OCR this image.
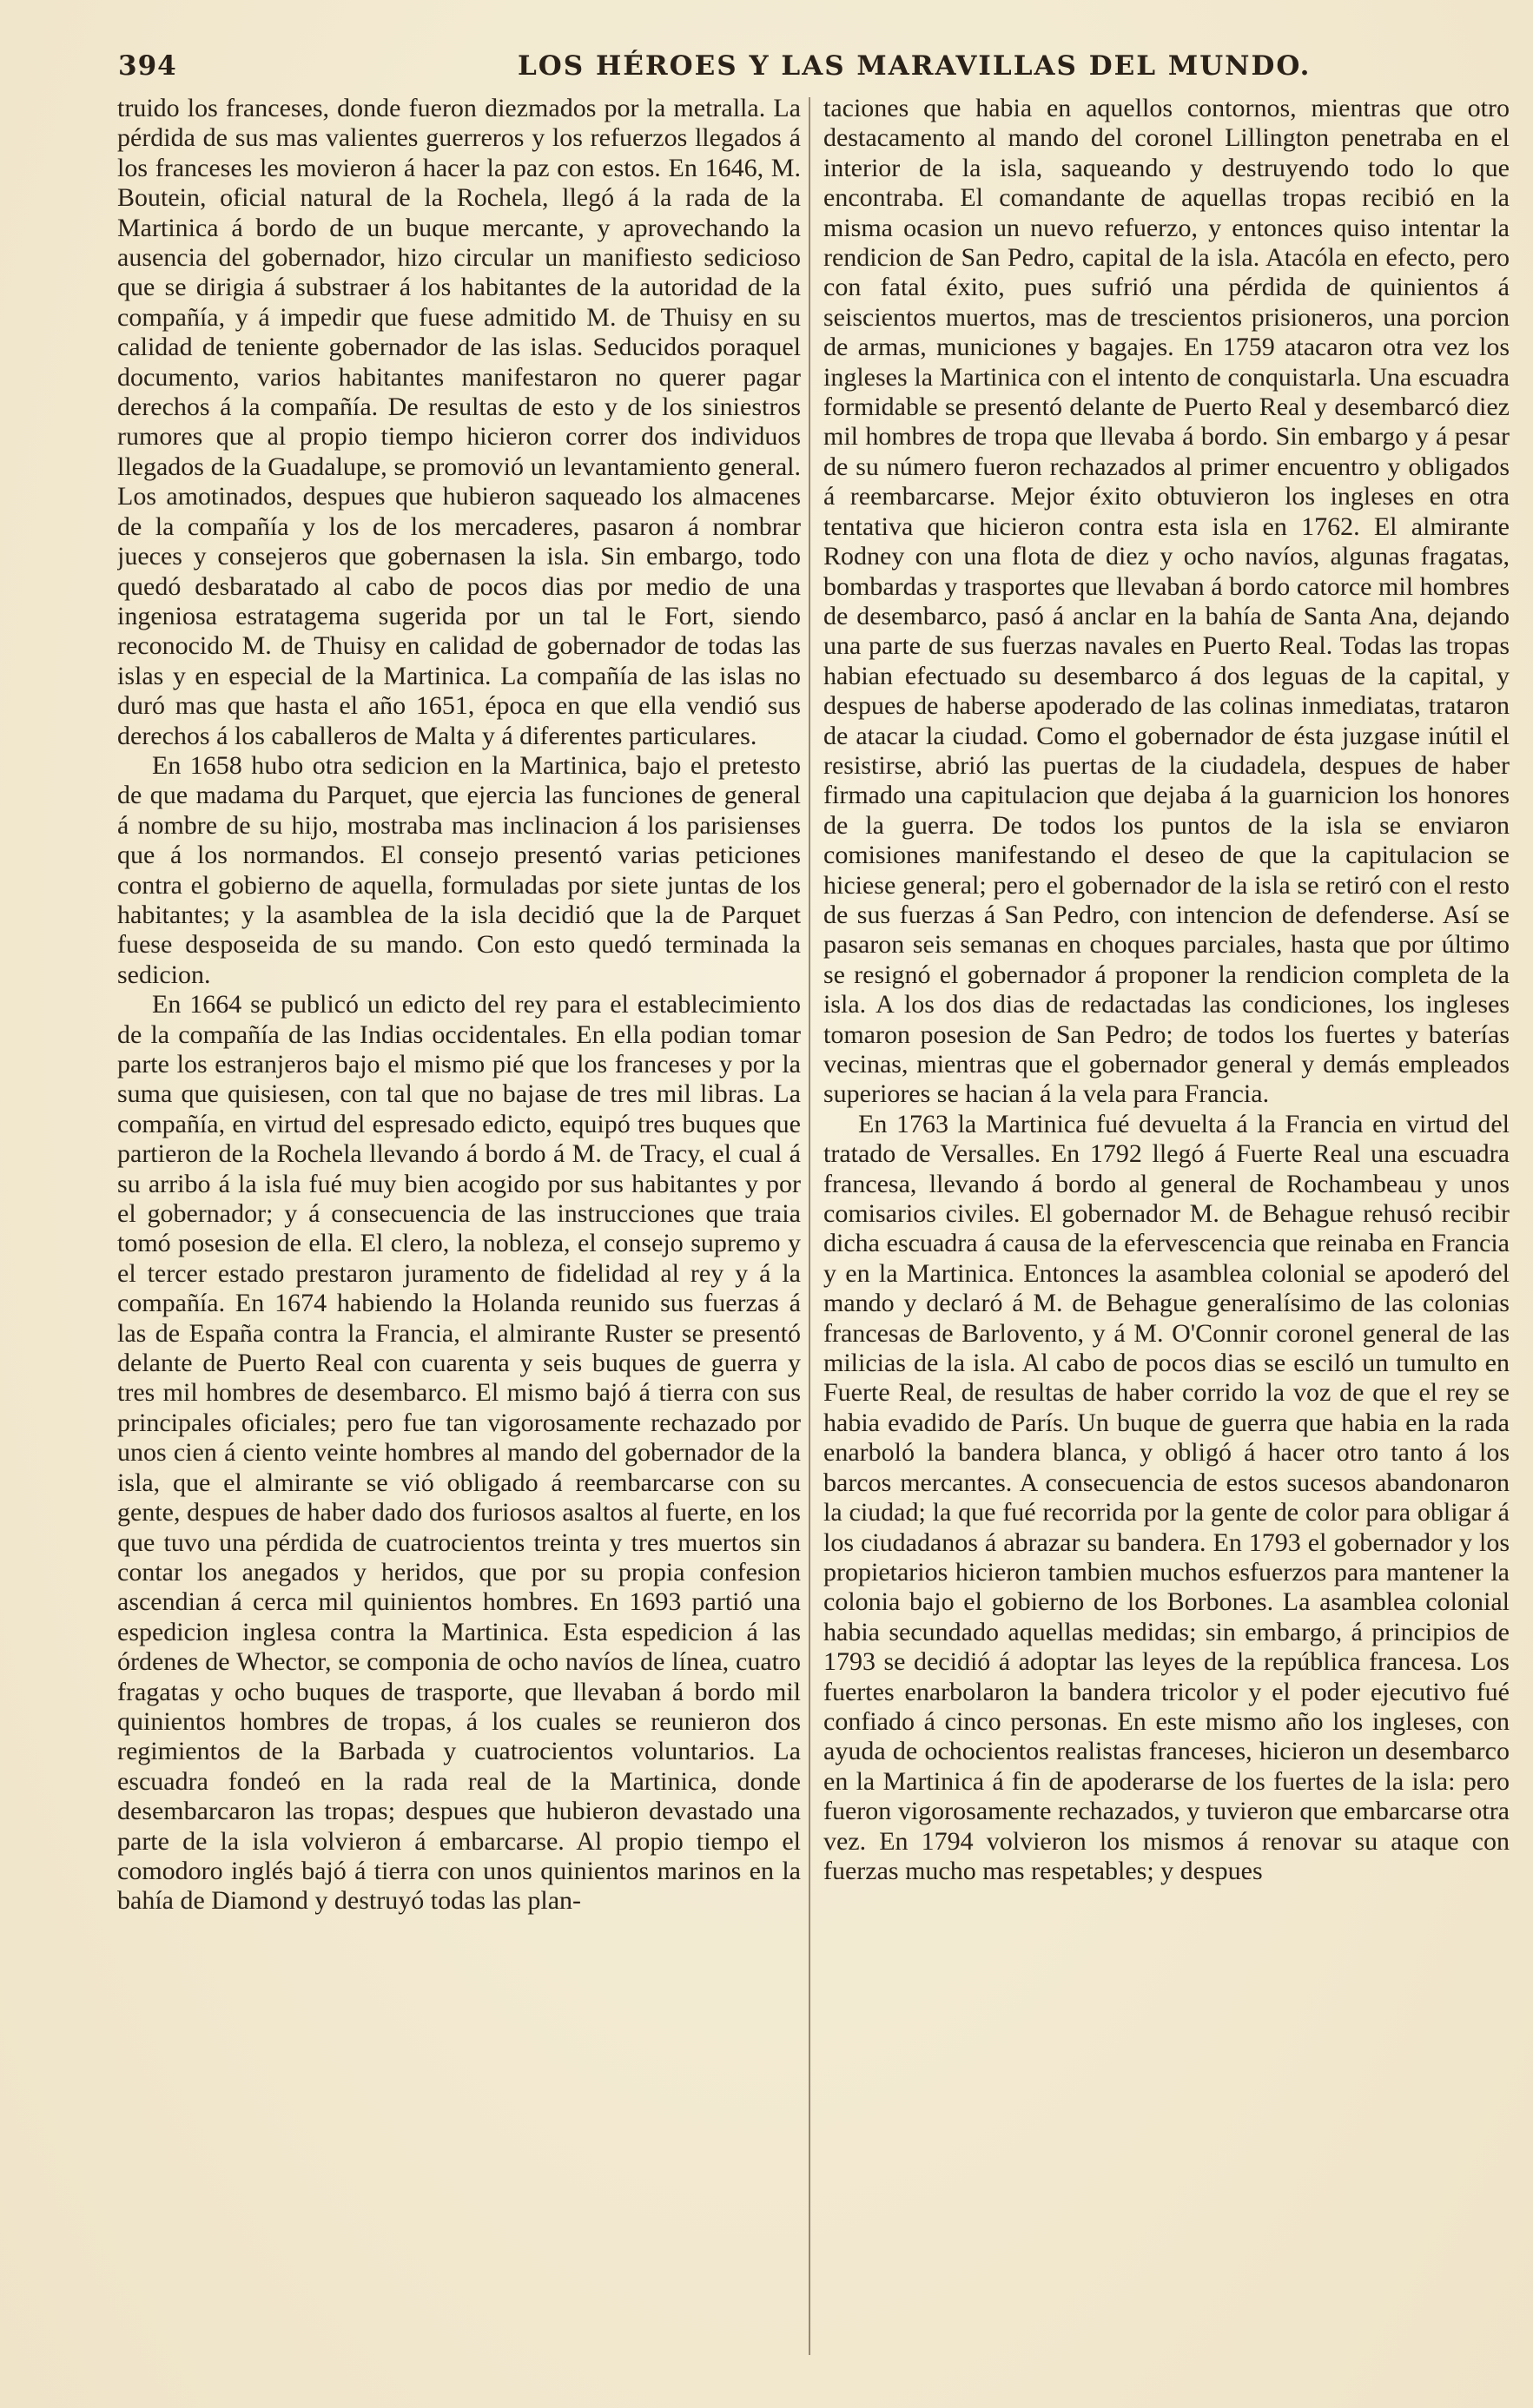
394	LOS HÉROES Y LAS MARAVILLAS DEL MUNDO.

truido los franceses, donde fueron diezmados por la metralla. La pérdida de sus mas valientes guerreros y los refuerzos llegados á los franceses les movieron á hacer la paz con estos. En 1646, M. Boutein, oficial natural de la Rochela, llegó á la rada de la Martinica á bordo de un buque mercante, y aprovechando la ausencia del gobernador, hizo circular un manifiesto sedicioso que se dirigia á substraer á los habitantes de la autoridad de la compañía, y á impedir que fuese admitido M. de Thuisy en su calidad de teniente gobernador de las islas. Seducidos poraquel documento, varios habitantes manifestaron no querer pagar derechos á la compañía. De resultas de esto y de los siniestros rumores que al propio tiempo hicieron correr dos individuos llegados de la Guadalupe, se promovió un levantamiento general. Los amotinados, despues que hubieron saqueado los almacenes de la compañía y los de los mercaderes, pasaron á nombrar jueces y consejeros que gobernasen la isla. Sin embargo, todo quedó desbaratado al cabo de pocos dias por medio de una ingeniosa estratagema sugerida por un tal le Fort, siendo reconocido M. de Thuisy en calidad de gobernador de todas las islas y en especial de la Martinica. La compañía de las islas no duró mas que hasta el año 1651, época en que ella vendió sus derechos á los caballeros de Malta y á diferentes particulares.

En 1658 hubo otra sedicion en la Martinica, bajo el pretesto de que madama du Parquet, que ejercia las funciones de general á nombre de su hijo, mostraba mas inclinacion á los parisienses que á los normandos. El consejo presentó varias peticiones contra el gobierno de aquella, formuladas por siete juntas de los habitantes; y la asamblea de la isla decidió que la de Parquet fuese desposeida de su mando. Con esto quedó terminada la sedicion.

En 1664 se publicó un edicto del rey para el establecimiento de la compañía de las Indias occidentales. En ella podian tomar parte los estranjeros bajo el mismo pié que los franceses y por la suma que quisiesen, con tal que no bajase de tres mil libras. La compañía, en virtud del espresado edicto, equipó tres buques que partieron de la Rochela llevando á bordo á M. de Tracy, el cual á su arribo á la isla fué muy bien acogido por sus habitantes y por el gobernador; y á consecuencia de las instrucciones que traia tomó posesion de ella. El clero, la nobleza, el consejo supremo y el tercer estado prestaron juramento de fidelidad al rey y á la compañía. En 1674 habiendo la Holanda reunido sus fuerzas á las de España contra la Francia, el almirante Ruster se presentó delante de Puerto Real con cuarenta y seis buques de guerra y tres mil hombres de desembarco. El mismo bajó á tierra con sus principales oficiales; pero fue tan vigorosamente rechazado por unos cien á ciento veinte hombres al mando del gobernador de la isla, que el almirante se vió obligado á reembarcarse con su gente, despues de haber dado dos furiosos asaltos al fuerte, en los que tuvo una pérdida de cuatrocientos treinta y tres muertos sin contar los anegados y heridos, que por su propia confesion ascendian á cerca mil quinientos hombres. En 1693 partió una espedicion inglesa contra la Martinica. Esta espedicion á las órdenes de Whector, se componia de ocho navíos de línea, cuatro fragatas y ocho buques de trasporte, que llevaban á bordo mil quinientos hombres de tropas, á los cuales se reunieron dos regimientos de la Barbada y cuatrocientos voluntarios. La escuadra fondeó en la rada real de la Martinica, donde desembarcaron las tropas; despues que hubieron devastado una parte de la isla volvieron á embarcarse. Al propio tiempo el comodoro inglés bajó á tierra con unos quinientos marinos en la bahía de Diamond y destruyó todas las plan-

taciones que habia en aquellos contornos, mientras que otro destacamento al mando del coronel Lillington penetraba en el interior de la isla, saqueando y destruyendo todo lo que encontraba. El comandante de aquellas tropas recibió en la misma ocasion un nuevo refuerzo, y entonces quiso intentar la rendicion de San Pedro, capital de la isla. Atacóla en efecto, pero con fatal éxito, pues sufrió una pérdida de quinientos á seiscientos muertos, mas de trescientos prisioneros, una porcion de armas, municiones y bagajes. En 1759 atacaron otra vez los ingleses la Martinica con el intento de conquistarla. Una escuadra formidable se presentó delante de Puerto Real y desembarcó diez mil hombres de tropa que llevaba á bordo. Sin embargo y á pesar de su número fueron rechazados al primer encuentro y obligados á reembarcarse. Mejor éxito obtuvieron los ingleses en otra tentativa que hicieron contra esta isla en 1762. El almirante Rodney con una flota de diez y ocho navíos, algunas fragatas, bombardas y trasportes que llevaban á bordo catorce mil hombres de desembarco, pasó á anclar en la bahía de Santa Ana, dejando una parte de sus fuerzas navales en Puerto Real. Todas las tropas habian efectuado su desembarco á dos leguas de la capital, y despues de haberse apoderado de las colinas inmediatas, trataron de atacar la ciudad. Como el gobernador de ésta juzgase inútil el resistirse, abrió las puertas de la ciudadela, despues de haber firmado una capitulacion que dejaba á la guarnicion los honores de la guerra. De todos los puntos de la isla se enviaron comisiones manifestando el deseo de que la capitulacion se hiciese general; pero el gobernador de la isla se retiró con el resto de sus fuerzas á San Pedro, con intencion de defenderse. Así se pasaron seis semanas en choques parciales, hasta que por último se resignó el gobernador á proponer la rendicion completa de la isla. A los dos dias de redactadas las condiciones, los ingleses tomaron posesion de San Pedro; de todos los fuertes y baterías vecinas, mientras que el gobernador general y demás empleados superiores se hacian á la vela para Francia.

En 1763 la Martinica fué devuelta á la Francia en virtud del tratado de Versalles. En 1792 llegó á Fuerte Real una escuadra francesa, llevando á bordo al general de Rochambeau y unos comisarios civiles. El gobernador M. de Behague rehusó recibir dicha escuadra á causa de la efervescencia que reinaba en Francia y en la Martinica. Entonces la asamblea colonial se apoderó del mando y declaró á M. de Behague generalísimo de las colonias francesas de Barlovento, y á M. O'Connir coronel general de las milicias de la isla. Al cabo de pocos dias se esciló un tumulto en Fuerte Real, de resultas de haber corrido la voz de que el rey se habia evadido de París. Un buque de guerra que habia en la rada enarboló la bandera blanca, y obligó á hacer otro tanto á los barcos mercantes. A consecuencia de estos sucesos abandonaron la ciudad; la que fué recorrida por la gente de color para obligar á los ciudadanos á abrazar su bandera. En 1793 el gobernador y los propietarios hicieron tambien muchos esfuerzos para mantener la colonia bajo el gobierno de los Borbones. La asamblea colonial habia secundado aquellas medidas; sin embargo, á principios de 1793 se decidió á adoptar las leyes de la república francesa. Los fuertes enarbolaron la bandera tricolor y el poder ejecutivo fué confiado á cinco personas. En este mismo año los ingleses, con ayuda de ochocientos realistas franceses, hicieron un desembarco en la Martinica á fin de apoderarse de los fuertes de la isla: pero fueron vigorosamente rechazados, y tuvieron que embarcarse otra vez. En 1794 volvieron los mismos á renovar su ataque con fuerzas mucho mas respetables; y despues
